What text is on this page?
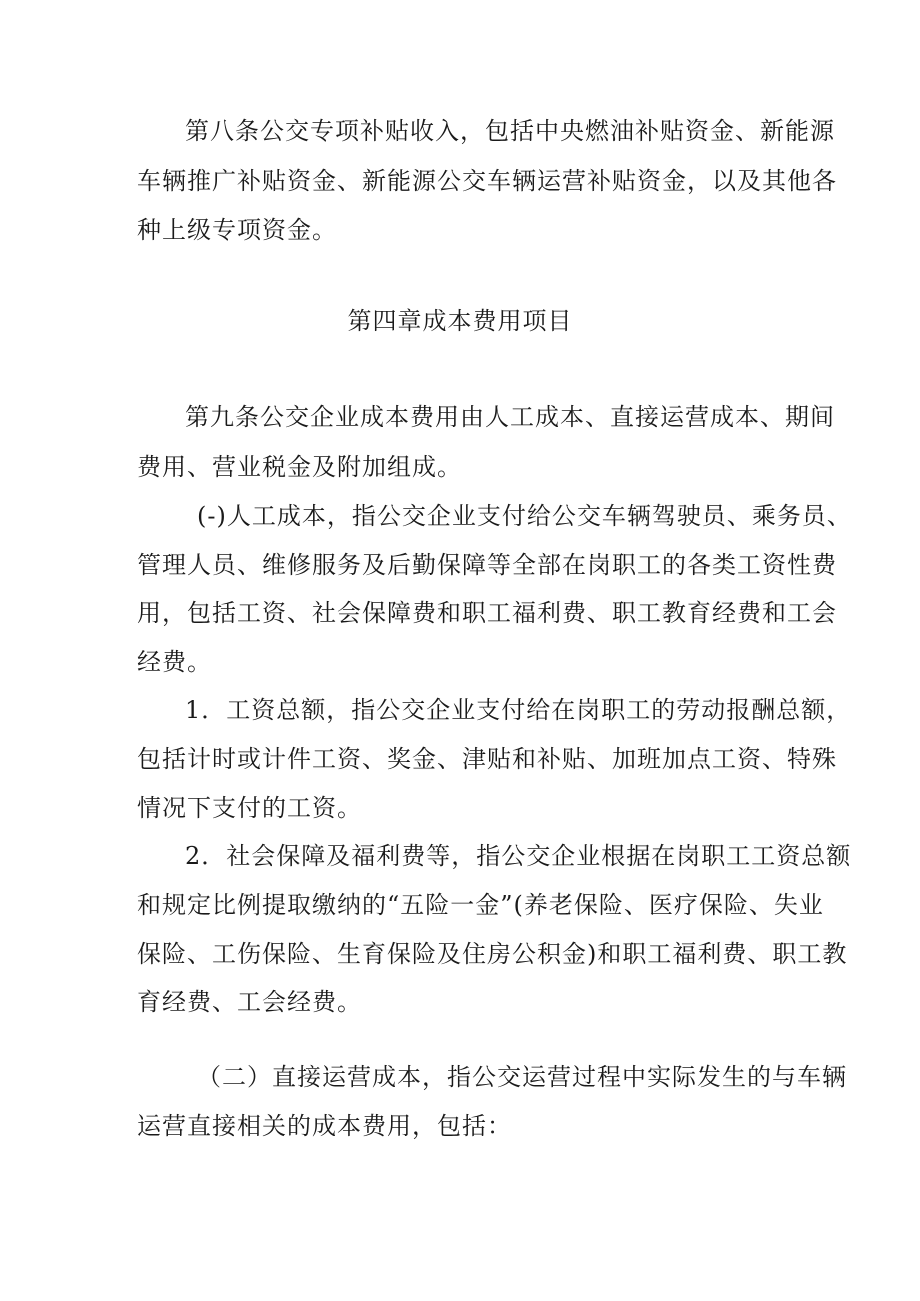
第八条公交专项补贴收入，包括中央燃油补贴资金、新能源
车辆推广补贴资金、新能源公交车辆运营补贴资金，以及其他各
种上级专项资金。
第四章成本费用项目
第九条公交企业成本费用由人工成本、直接运营成本、期间
费用、营业税金及附加组成。
(-)人工成本，指公交企业支付给公交车辆驾驶员、乘务员、
管理人员、维修服务及后勤保障等全部在岗职工的各类工资性费
用，包括工资、社会保障费和职工福利费、职工教育经费和工会
经费。
1．工资总额，指公交企业支付给在岗职工的劳动报酬总额，
包括计时或计件工资、奖金、津贴和补贴、加班加点工资、特殊
情况下支付的工资。
2．社会保障及福利费等，指公交企业根据在岗职工工资总额
和规定比例提取缴纳的“五险一金”(养老保险、医疗保险、失业
保险、工伤保险、生育保险及住房公积金)和职工福利费、职工教
育经费、工会经费。
（二）直接运营成本，指公交运营过程中实际发生的与车辆
运营直接相关的成本费用，包括：
